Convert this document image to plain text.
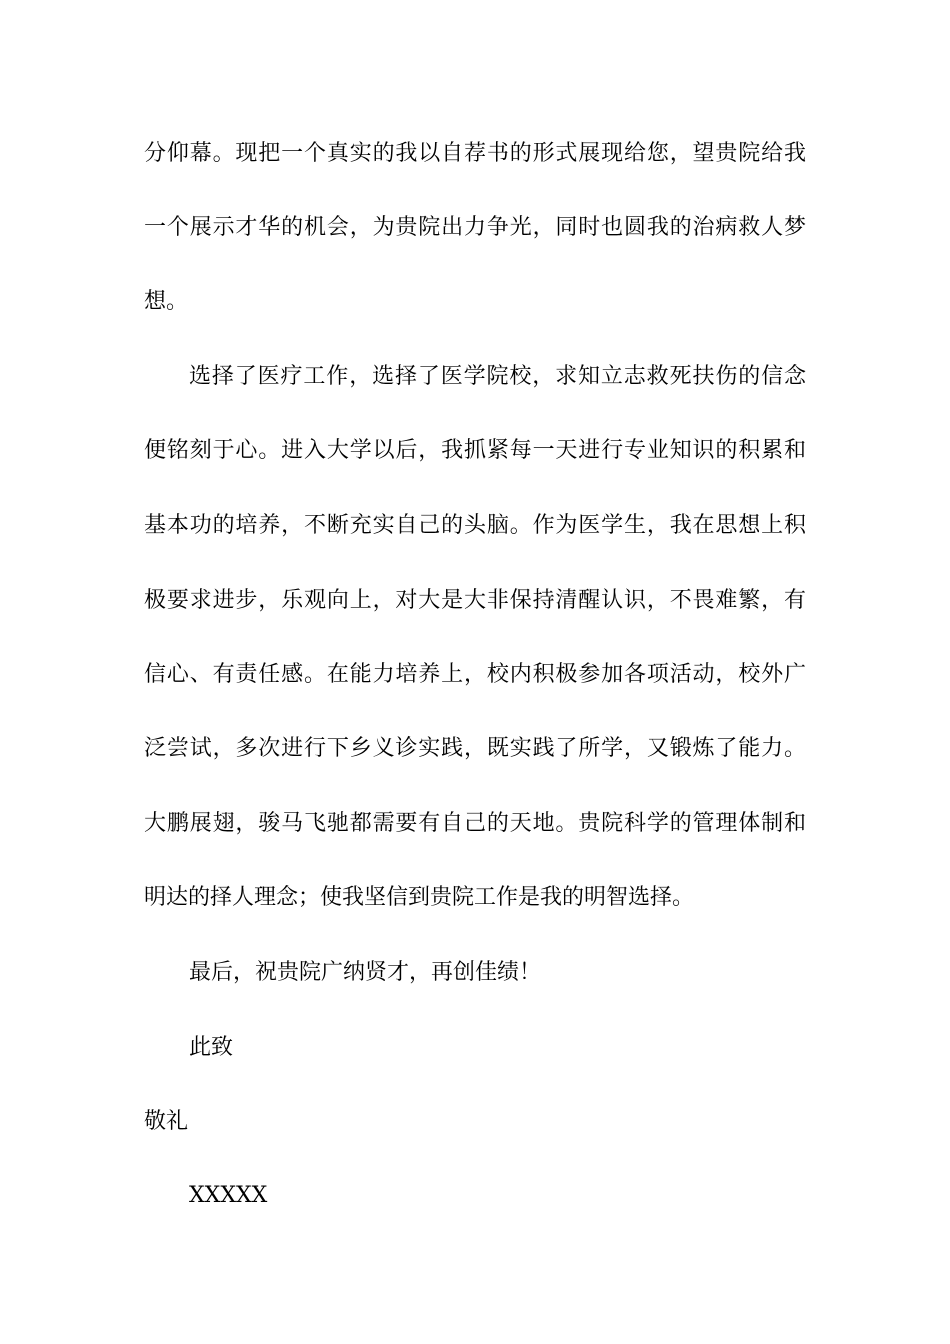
分仰幕。现把一个真实的我以自荐书的形式展现给您，望贵院给我
一个展示才华的机会，为贵院出力争光，同时也圆我的治病救人梦
想。
选择了医疗工作，选择了医学院校，求知立志救死扶伤的信念
便铭刻于心。进入大学以后，我抓紧每一天进行专业知识的积累和
基本功的培养，不断充实自己的头脑。作为医学生，我在思想上积
极要求进步，乐观向上，对大是大非保持清醒认识，不畏难繁，有
信心、有责任感。在能力培养上，校内积极参加各项活动，校外广
泛尝试，多次进行下乡义诊实践，既实践了所学，又锻炼了能力。
大鹏展翅，骏马飞驰都需要有自己的天地。贵院科学的管理体制和
明达的择人理念；使我坚信到贵院工作是我的明智选择。
最后，祝贵院广纳贤才，再创佳绩！
此致
敬礼
XXXXX
